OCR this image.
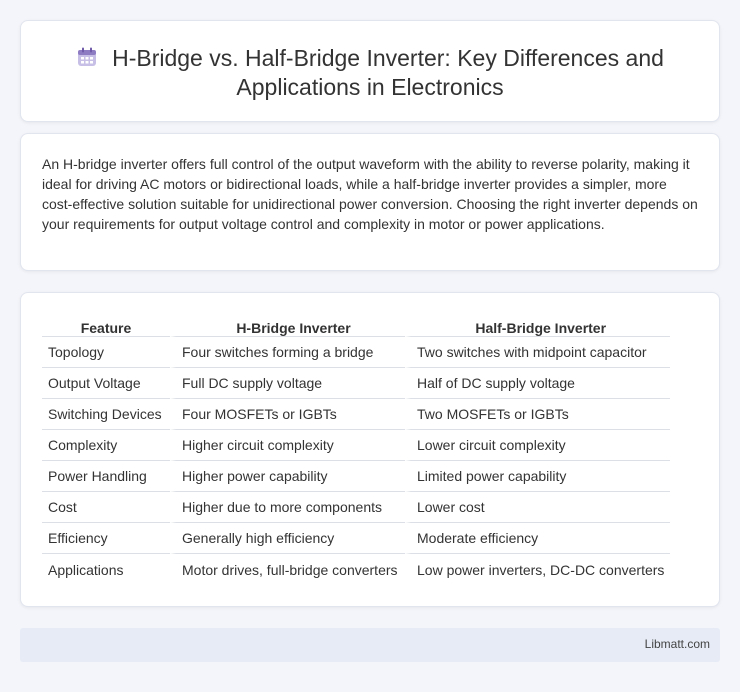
H-Bridge vs. Half-Bridge Inverter: Key Differences and Applications in Electronics

An H-bridge inverter offers full control of the output waveform with the ability to reverse polarity, making it ideal for driving AC motors or bidirectional loads, while a half-bridge inverter provides a simpler, more cost-effective solution suitable for unidirectional power conversion. Choosing the right inverter depends on your requirements for output voltage control and complexity in motor or power applications.

Feature	H-Bridge Inverter	Half-Bridge Inverter
Topology	Four switches forming a bridge	Two switches with midpoint capacitor
Output Voltage	Full DC supply voltage	Half of DC supply voltage
Switching Devices	Four MOSFETs or IGBTs	Two MOSFETs or IGBTs
Complexity	Higher circuit complexity	Lower circuit complexity
Power Handling	Higher power capability	Limited power capability
Cost	Higher due to more components	Lower cost
Efficiency	Generally high efficiency	Moderate efficiency
Applications	Motor drives, full-bridge converters	Low power inverters, DC-DC converters
Libmatt.com
